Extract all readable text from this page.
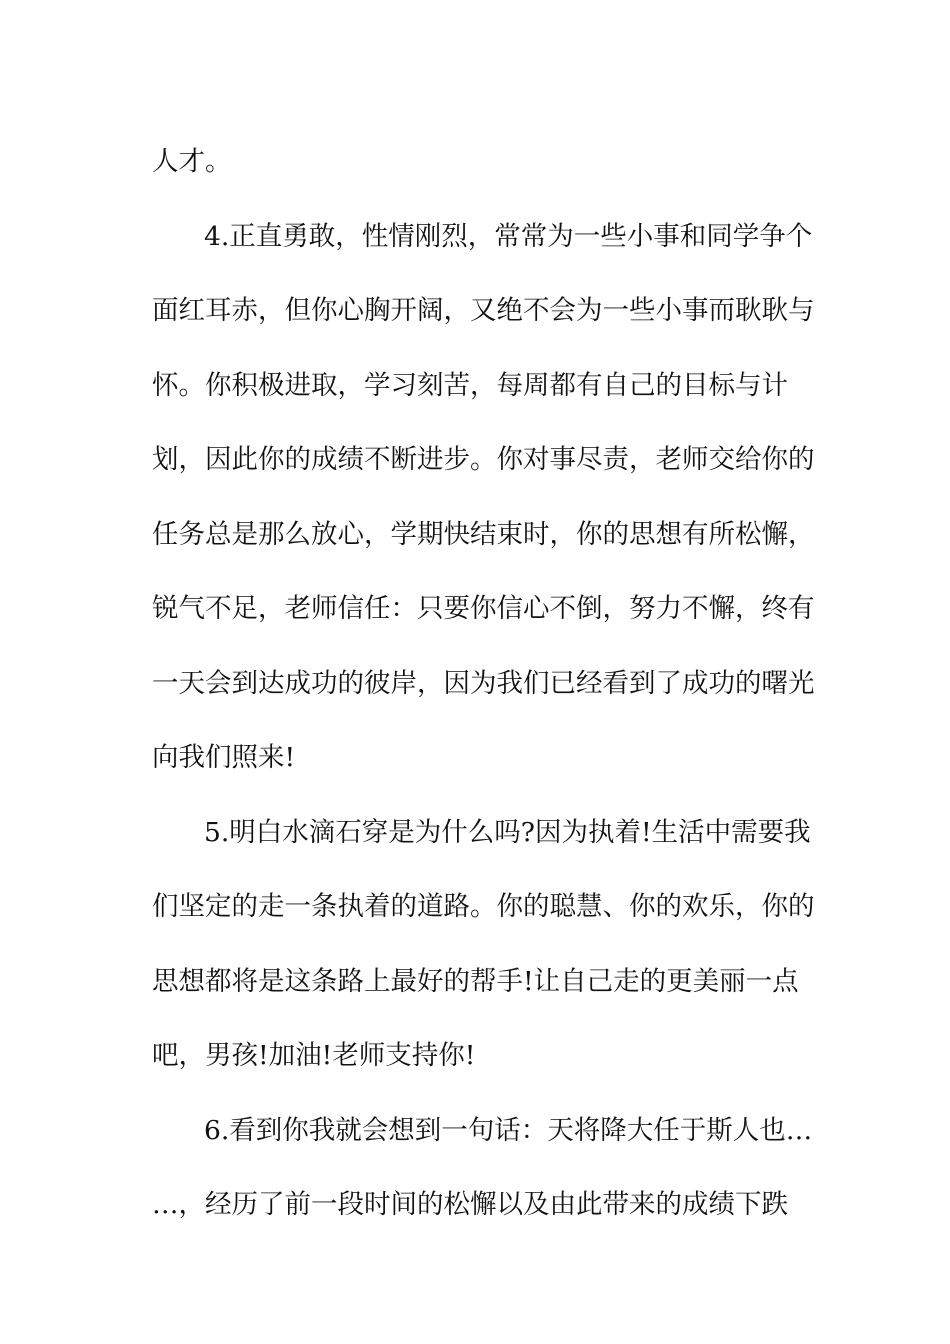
人才。
4.正直勇敢，性情刚烈，常常为一些小事和同学争个
面红耳赤，但你心胸开阔，又绝不会为一些小事而耿耿与
怀。你积极进取，学习刻苦，每周都有自己的目标与计
划，因此你的成绩不断进步。你对事尽责，老师交给你的
任务总是那么放心，学期快结束时，你的思想有所松懈，
锐气不足，老师信任：只要你信心不倒，努力不懈，终有
一天会到达成功的彼岸，因为我们已经看到了成功的曙光
向我们照来!
5.明白水滴石穿是为什么吗?因为执着!生活中需要我
们坚定的走一条执着的道路。你的聪慧、你的欢乐，你的
思想都将是这条路上最好的帮手!让自己走的更美丽一点
吧，男孩!加油!老师支持你!
6.看到你我就会想到一句话：天将降大任于斯人也…
…，经历了前一段时间的松懈以及由此带来的成绩下跌
